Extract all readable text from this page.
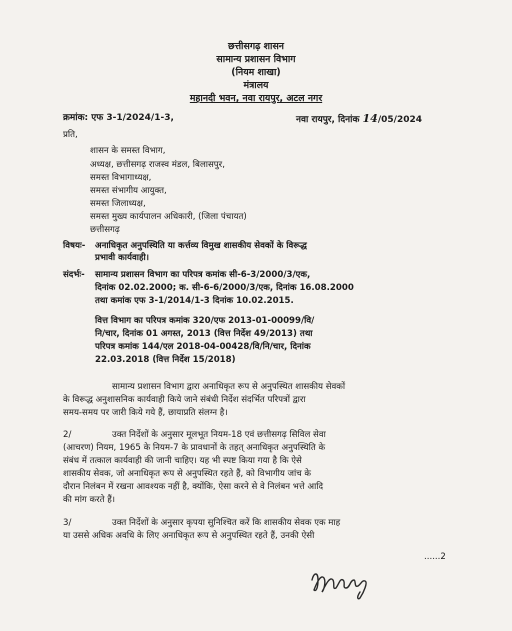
छत्तीसगढ़ शासन
सामान्य प्रशासन विभाग
(नियम शाखा)
मंत्रालय
महानदी भवन, नवा रायपुर, अटल नगर
क्रमांक: एफ 3-1/2024/1-3,	नवा रायपुर, दिनांक 14/05/2024
प्रति,
शासन के समस्त विभाग,
अध्यक्ष, छत्तीसगढ़ राजस्व मंडल, बिलासपुर,
समस्त विभागाध्यक्ष,
समस्त संभागीय आयुक्त,
समस्त जिलाध्यक्ष,
समस्त मुख्य कार्यपालन अधिकारी, (जिला पंचायत)
छत्तीसगढ़
विषयः- अनाधिकृत अनुपस्थिति या कर्त्तव्य विमुख शासकीय सेवकों के विरूद्ध
प्रभावी कार्यवाही।
संदर्भः- सामान्य प्रशासन विभाग का परिपत्र कमांक सी-6-3/2000/3/एक,
दिनांक 02.02.2000; क. सी-6-6/2000/3/एक, दिनांक 16.08.2000
तथा कमांक एफ 3-1/2014/1-3 दिनांक 10.02.2015.
वित्त विभाग का परिपत्र कमांक 320/एफ 2013-01-00099/वि/
नि/चार, दिनांक 01 अगस्त, 2013 (वित्त निर्देश 49/2013) तथा
परिपत्र कमांक 144/एल 2018-04-00428/वि/नि/चार, दिनांक
22.03.2018 (वित्त निर्देश 15/2018)
सामान्य प्रशासन विभाग द्वारा अनाधिकृत रूप से अनुपस्थित शासकीय सेवकों
के विरूद्ध अनुशासनिक कार्यवाही किये जाने संबंधी निर्देश संदर्भित परिपत्रों द्वारा
समय-समय पर जारी किये गये हैं, छायाप्रति संलग्न है।
2/	उक्त निर्देशों के अनुसार मूलभूत नियम-18 एवं छत्तीसगढ़ सिविल सेवा
(आचरण) नियम, 1965 के नियम-7 के प्रावधानों के तहत् अनाधिकृत अनुपस्थिति के
संबंध में तत्काल कार्यवाही की जानी चाहिए। यह भी स्पष्ट किया गया है कि ऐसे
शासकीय सेवक, जो अनाधिकृत रूप से अनुपस्थित रहते हैं, को विभागीय जांच के
दौरान निलंबन में रखना आवश्यक नहीं है, क्योंकि, ऐसा करने से वे निलंबन भत्ते आदि
की मांग करते हैं।
3/	उक्त निर्देशों के अनुसार कृपया सुनिश्चित करें कि शासकीय सेवक एक माह
या उससे अधिक अवधि के लिए अनाधिकृत रूप से अनुपस्थित रहते हैं, उनकी ऐसी
......2
